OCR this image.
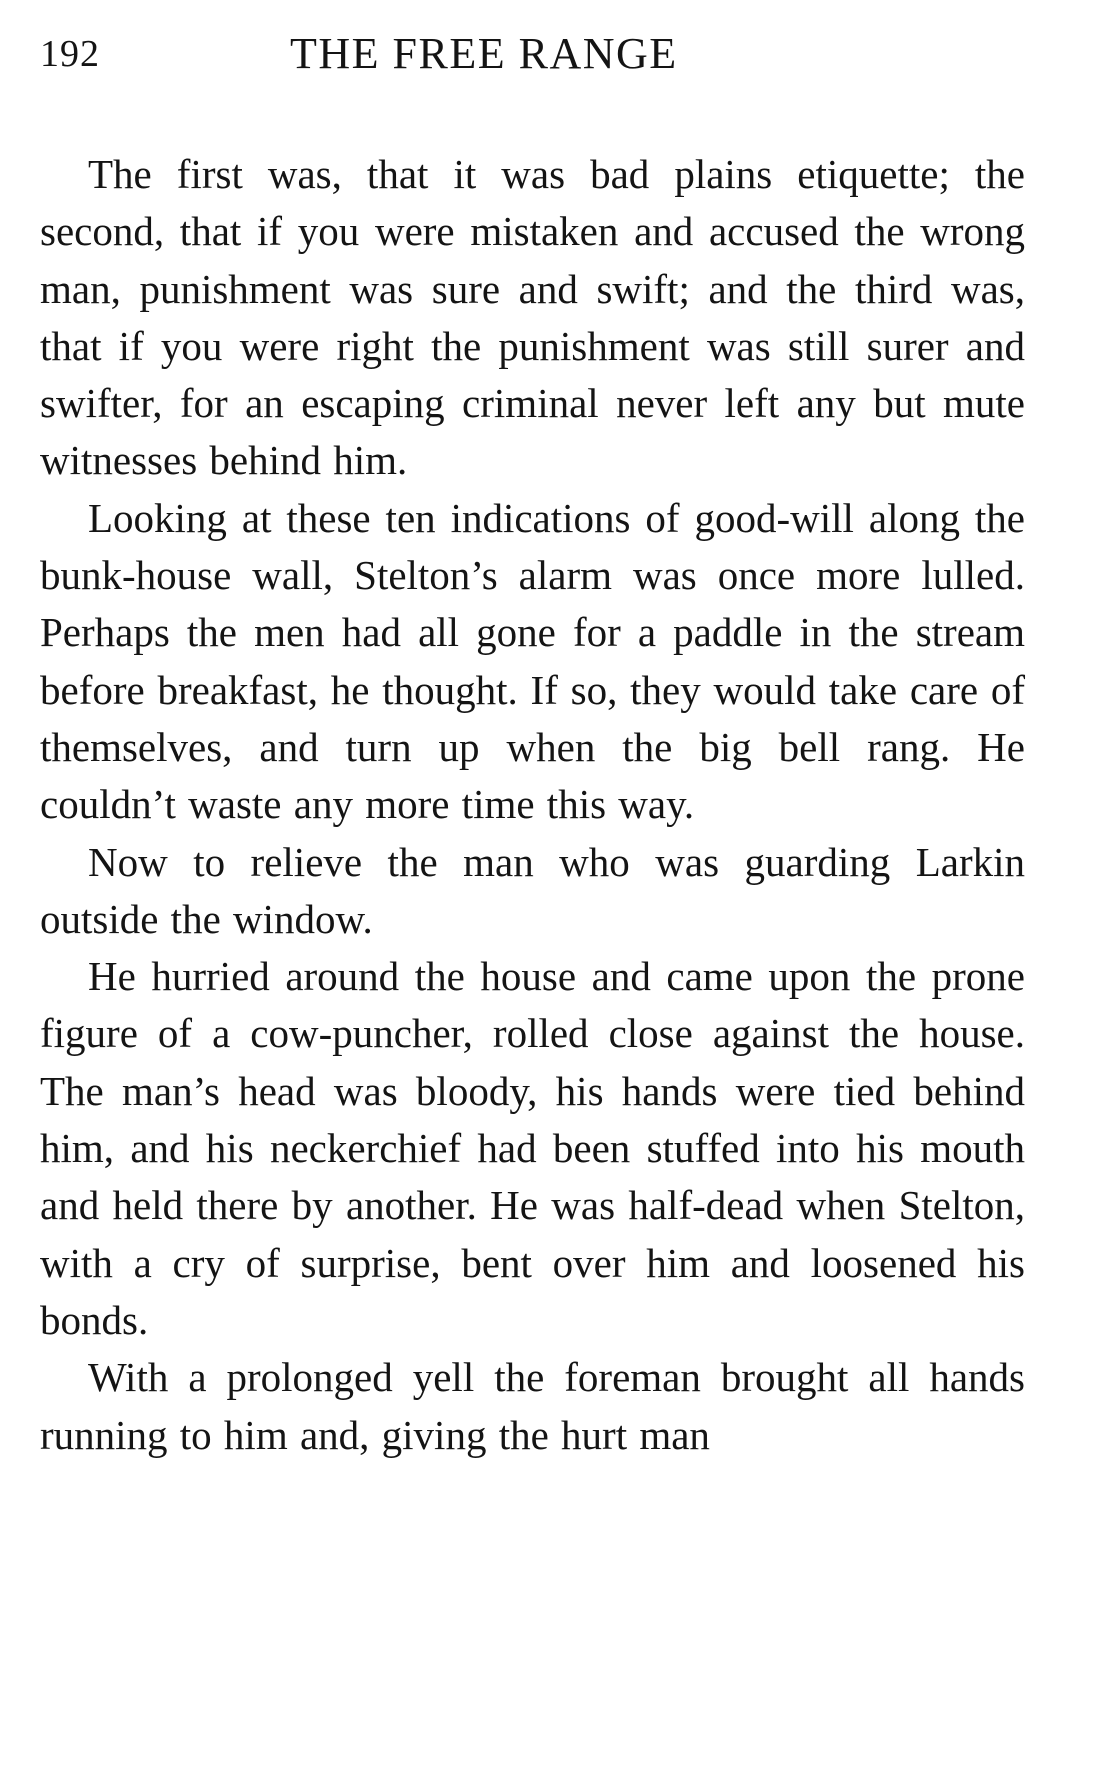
192	THE FREE RANGE

The first was, that it was bad plains etiquette; the second, that if you were mistaken and accused the wrong man, punishment was sure and swift; and the third was, that if you were right the punishment was still surer and swifter, for an escaping criminal never left any but mute witnesses behind him.

Looking at these ten indications of good-will along the bunk-house wall, Stelton’s alarm was once more lulled. Perhaps the men had all gone for a paddle in the stream before breakfast, he thought. If so, they would take care of themselves, and turn up when the big bell rang. He couldn’t waste any more time this way.

Now to relieve the man who was guarding Larkin outside the window.

He hurried around the house and came upon the prone figure of a cow-puncher, rolled close against the house. The man’s head was bloody, his hands were tied behind him, and his neckerchief had been stuffed into his mouth and held there by another. He was half-dead when Stelton, with a cry of surprise, bent over him and loosened his bonds.

With a prolonged yell the foreman brought all hands running to him and, giving the hurt man
